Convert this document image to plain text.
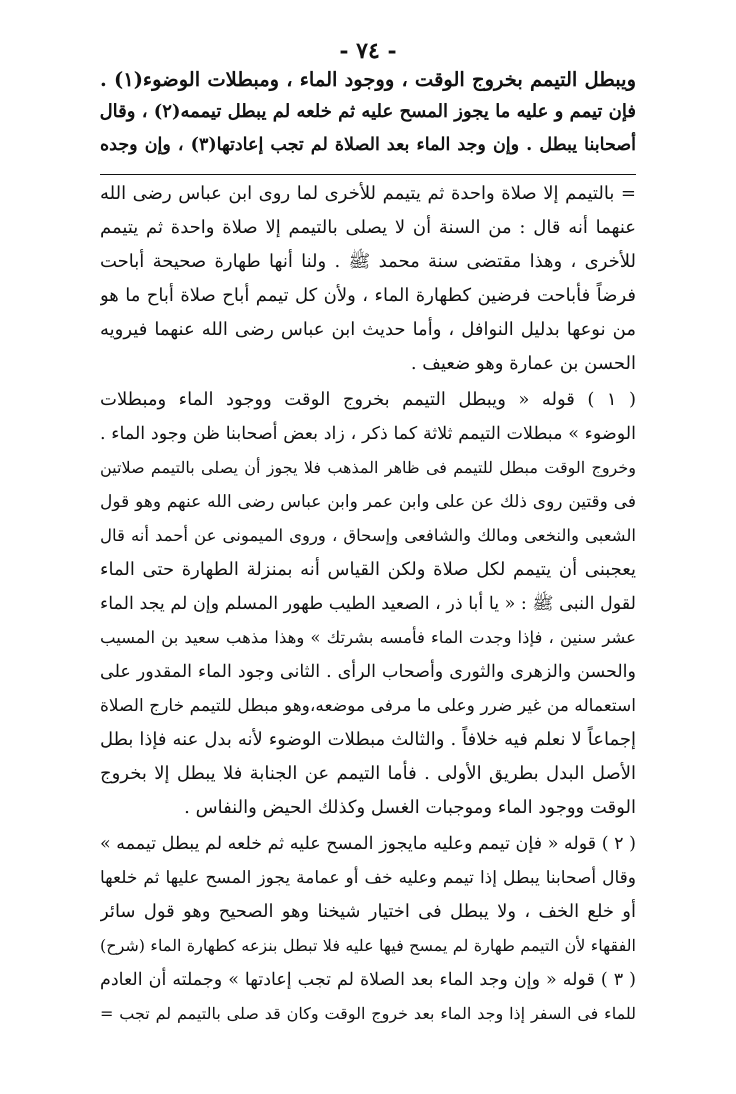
- ٧٤ -
ويبطل التيمم بخروج الوقت ، ووجود الماء ، ومبطلات الوضوء(١) .
فإن تيمم و عليه ما يجوز المسح عليه ثم خلعه لم يبطل تيممه(٢) ، وقال
أصحابنا يبطل . وإن وجد الماء بعد الصلاة لم تجب إعادتها(٣) ، وإن وجده
= بالتيمم إلا صلاة واحدة ثم يتيمم للأخرى لما روى ابن عباس رضى الله
عنهما أنه قال : من السنة أن لا يصلى بالتيمم إلا صلاة واحدة ثم يتيمم
للأخرى ، وهذا مقتضى سنة محمد ﷺ . ولنا أنها طهارة صحيحة أباحت
فرضاً فأباحت فرضين كطهارة الماء ، ولأن كل تيمم أباح صلاة أباح ما هو
من نوعها بدليل النوافل ، وأما حديث ابن عباس رضى الله عنهما فيرويه
الحسن بن عمارة وهو ضعيف .
( ١ ) قوله « ويبطل التيمم بخروج الوقت ووجود الماء ومبطلات
الوضوء » مبطلات التيمم ثلاثة كما ذكر ، زاد بعض أصحابنا ظن وجود الماء .
وخروج الوقت مبطل للتيمم فى ظاهر المذهب فلا يجوز أن يصلى بالتيمم صلاتين
فى وقتين روى ذلك عن على وابن عمر وابن عباس رضى الله عنهم وهو قول
الشعبى والنخعى ومالك والشافعى وإسحاق ، وروى الميمونى عن أحمد أنه قال
يعجبنى أن يتيمم لكل صلاة ولكن القياس أنه بمنزلة الطهارة حتى الماء
لقول النبى ﷺ : « يا أبا ذر ، الصعيد الطيب طهور المسلم وإن لم يجد الماء
عشر سنين ، فإذا وجدت الماء فأمسه بشرتك » وهذا مذهب سعيد بن المسيب
والحسن والزهرى والثورى وأصحاب الرأى . الثانى وجود الماء المقدور على
استعماله من غير ضرر وعلى ما مرفى موضعه،وهو مبطل للتيمم خارج الصلاة
إجماعاً لا نعلم فيه خلافاً . والثالث مبطلات الوضوء لأنه بدل عنه فإذا بطل
الأصل البدل بطريق الأولى . فأما التيمم عن الجنابة فلا يبطل إلا بخروج
الوقت ووجود الماء وموجبات الغسل وكذلك الحيض والنفاس .
( ٢ ) قوله « فإن تيمم وعليه مايجوز المسح عليه ثم خلعه لم يبطل تيممه »
وقال أصحابنا يبطل إذا تيمم وعليه خف أو عمامة يجوز المسح عليها ثم خلعها
أو خلع الخف ، ولا يبطل فى اختيار شيخنا وهو الصحيح وهو قول سائر
الفقهاء لأن التيمم طهارة لم يمسح فيها عليه فلا تبطل بنزعه كطهارة الماء (شرح)
( ٣ ) قوله « وإن وجد الماء بعد الصلاة لم تجب إعادتها » وجملته أن العادم
للماء فى السفر إذا وجد الماء بعد خروج الوقت وكان قد صلى بالتيمم لم تجب =
